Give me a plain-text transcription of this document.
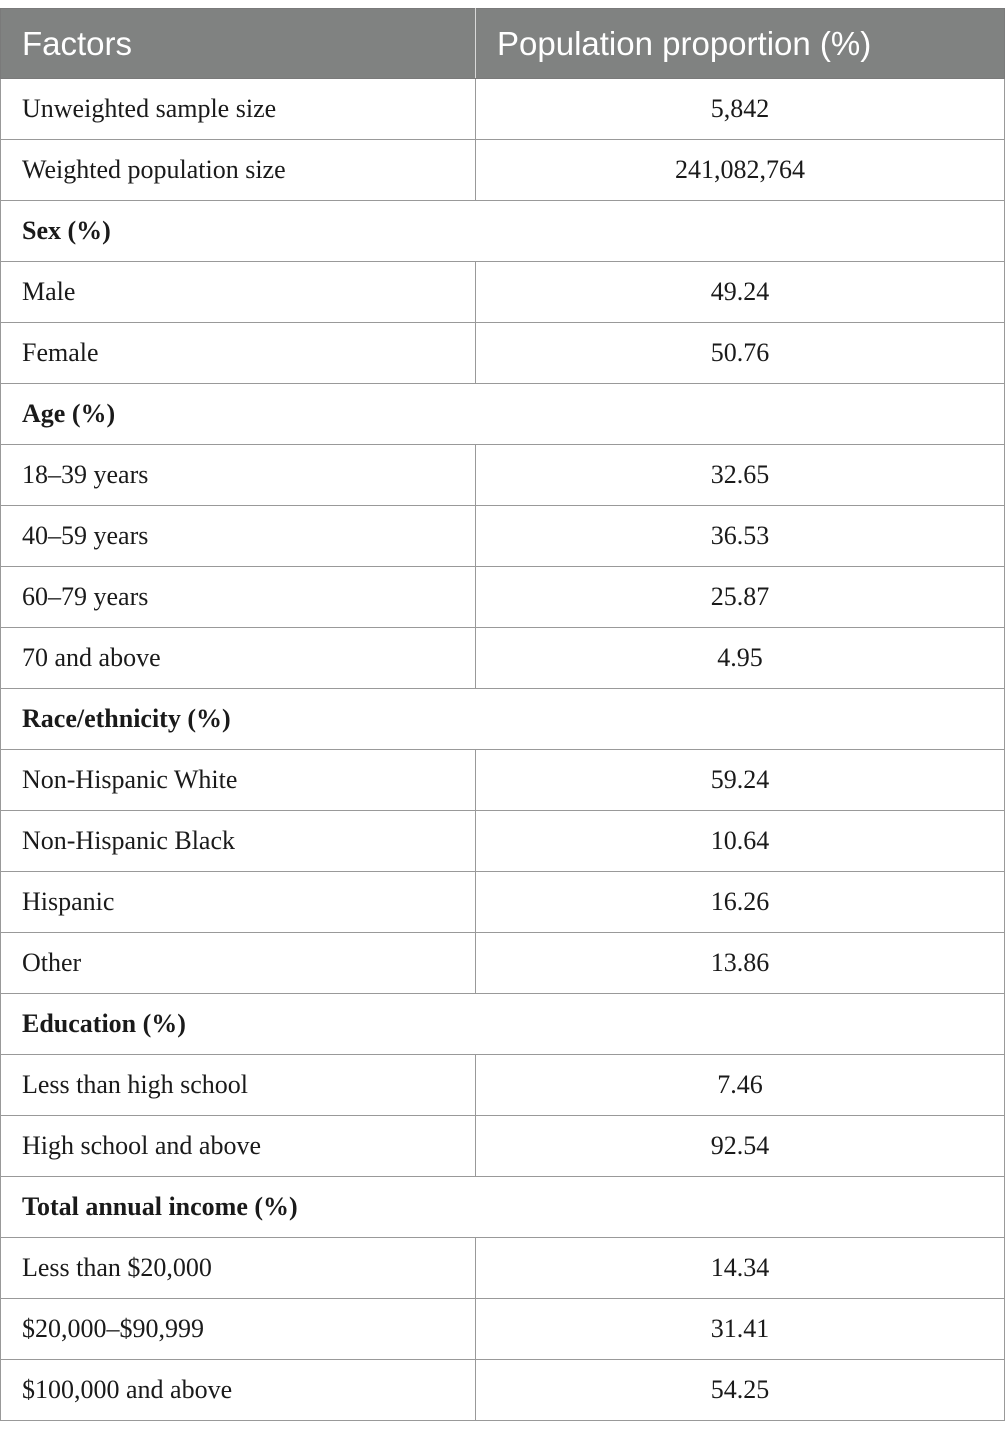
Factors	Population proportion (%)
Unweighted sample size	5,842
Weighted population size	241,082,764
Sex (%)	
Male	49.24
Female	50.76
Age (%)	
18–39 years	32.65
40–59 years	36.53
60–79 years	25.87
70 and above	4.95
Race/ethnicity (%)	
Non-Hispanic White	59.24
Non-Hispanic Black	10.64
Hispanic	16.26
Other	13.86
Education (%)	
Less than high school	7.46
High school and above	92.54
Total annual income (%)	
Less than $20,000	14.34
$20,000–$90,999	31.41
$100,000 and above	54.25
